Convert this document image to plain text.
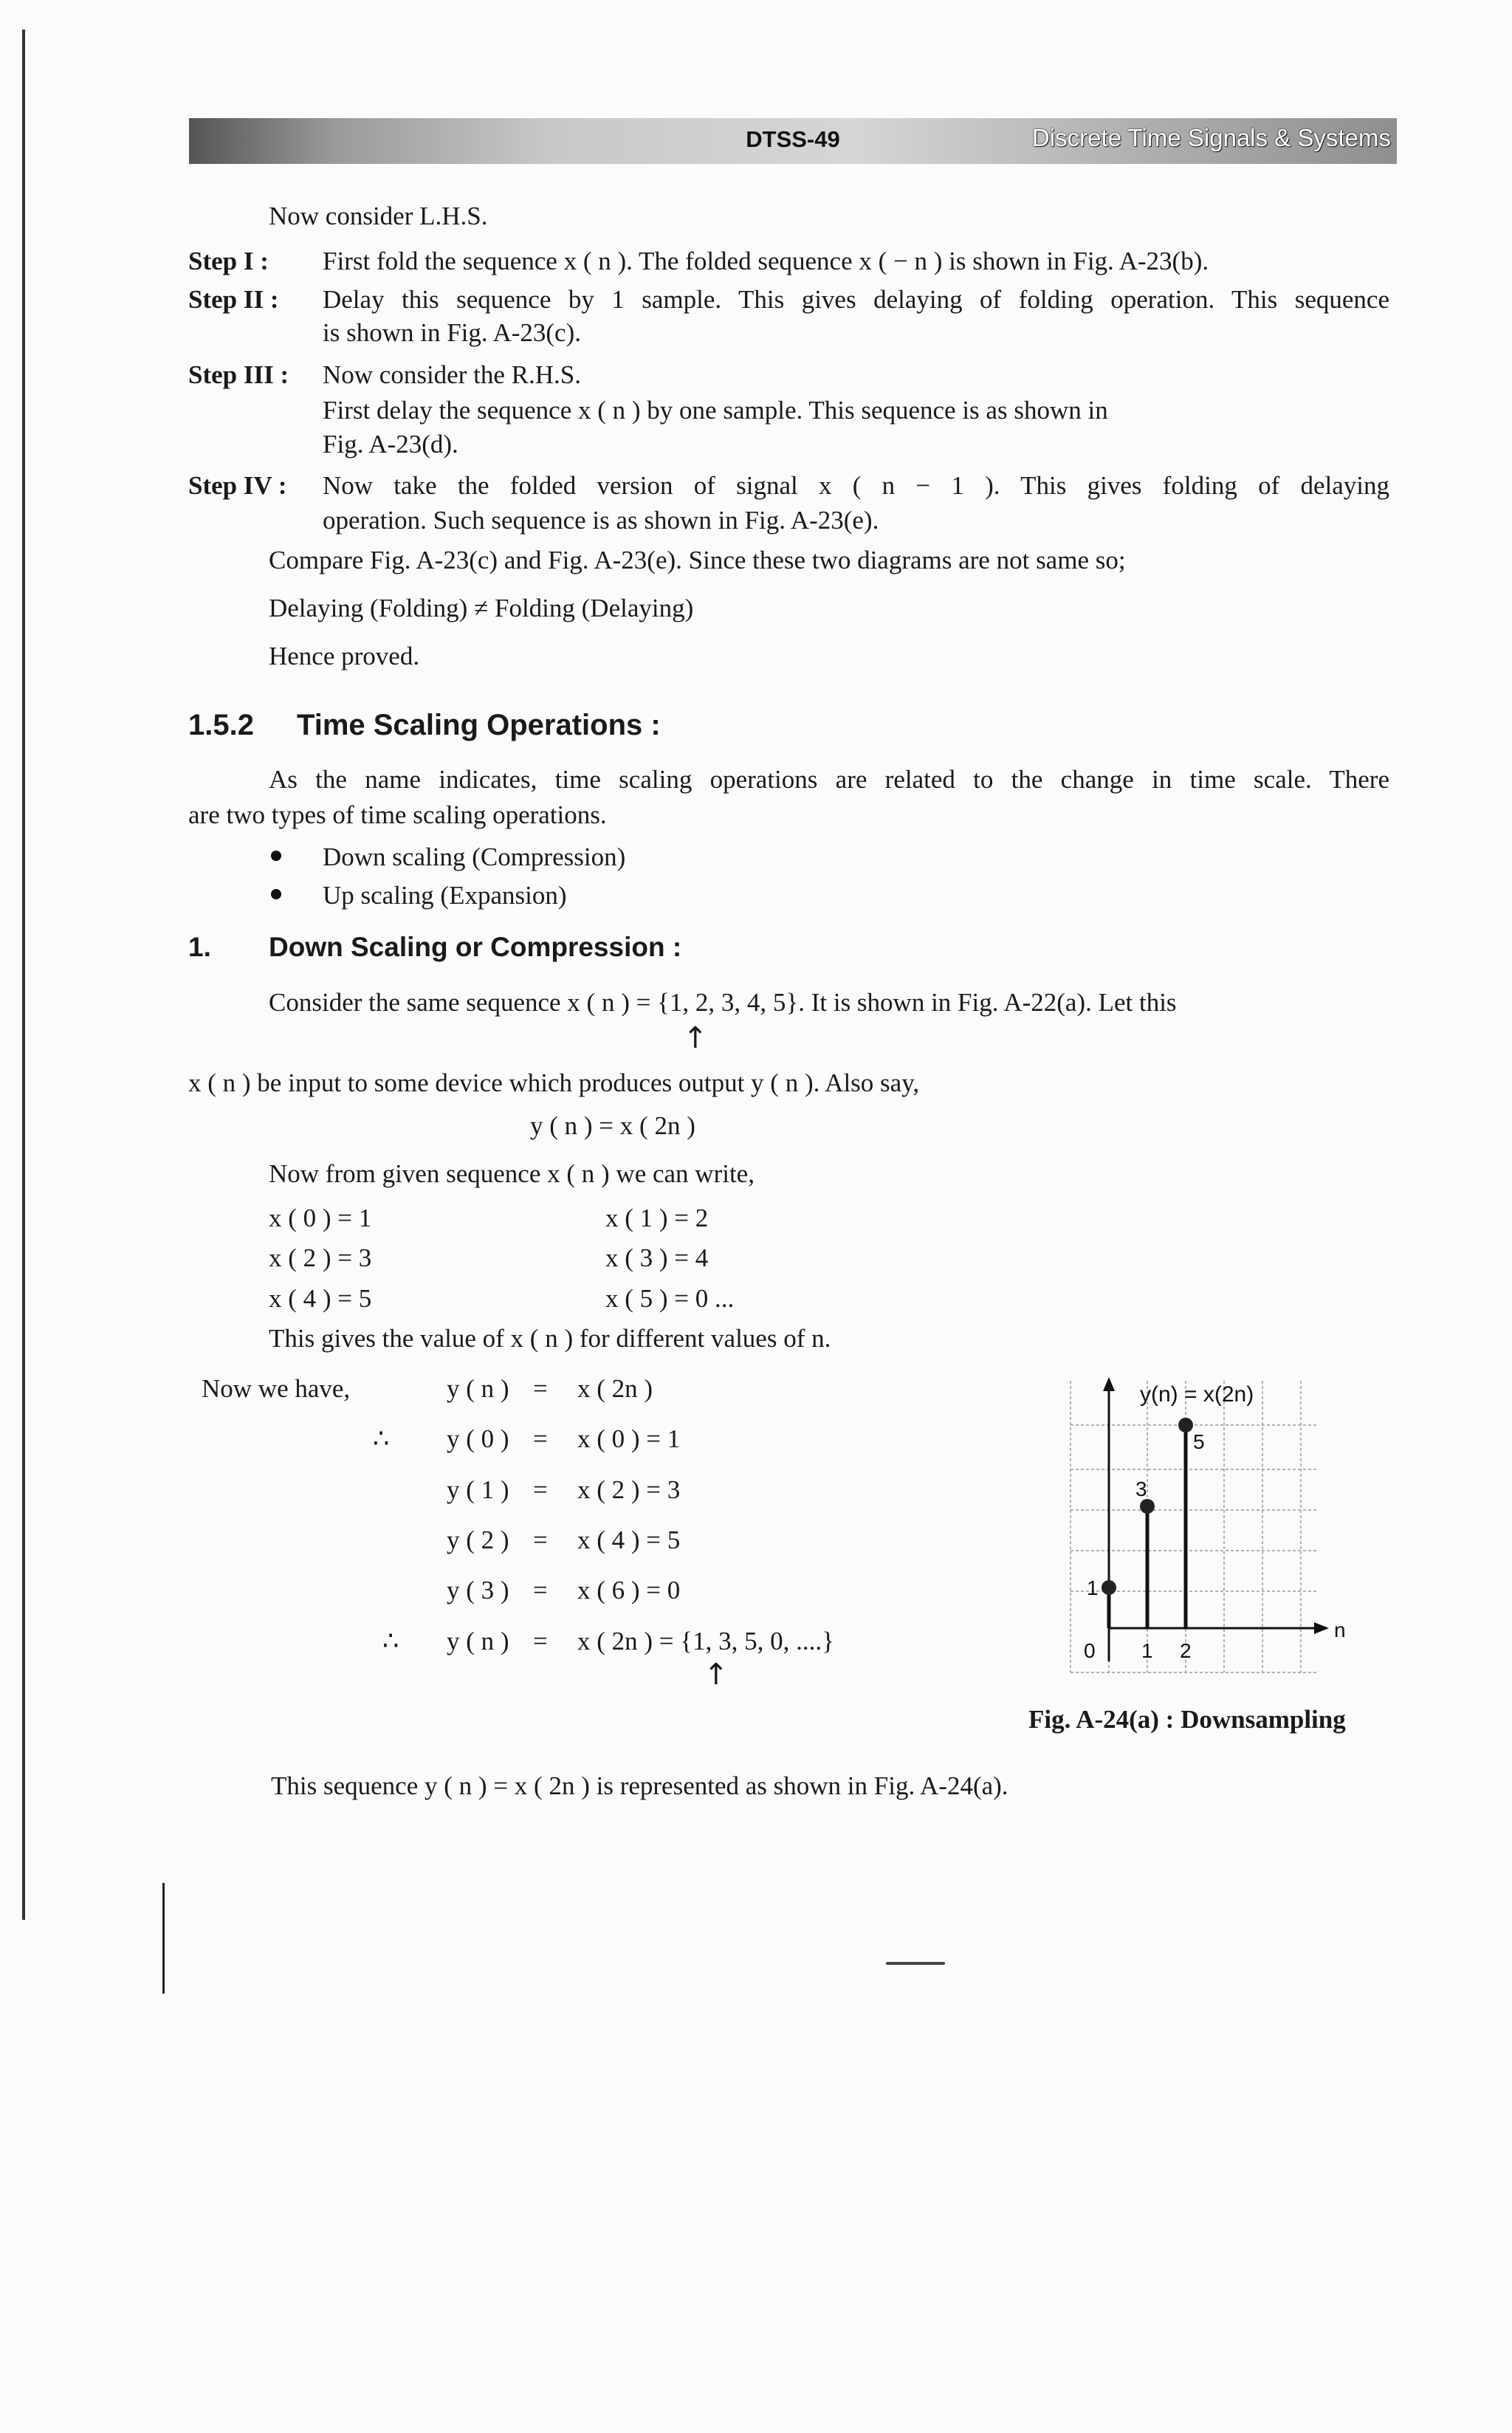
DTSS-49	Discrete Time Signals & Systems
Now consider L.H.S.
Step I : First fold the sequence x ( n ). The folded sequence x ( − n ) is shown in Fig. A-23(b).
Step II : Delay this sequence by 1 sample. This gives delaying of folding operation. This sequence
is shown in Fig. A-23(c).
Step III : Now consider the R.H.S.
First delay the sequence x ( n ) by one sample. This sequence is as shown in
Fig. A-23(d).
Step IV : Now take the folded version of signal x ( n − 1 ). This gives folding of delaying
operation. Such sequence is as shown in Fig. A-23(e).
Compare Fig. A-23(c) and Fig. A-23(e). Since these two diagrams are not same so;
Delaying (Folding) ≠ Folding (Delaying)
Hence proved.
1.5.2 Time Scaling Operations :
As the name indicates, time scaling operations are related to the change in time scale. There
are two types of time scaling operations.
Down scaling (Compression)
Up scaling (Expansion)
1. Down Scaling or Compression :
Consider the same sequence x ( n ) = {1, 2, 3, 4, 5}. It is shown in Fig. A-22(a). Let this
↑
x ( n ) be input to some device which produces output y ( n ). Also say,
y ( n ) = x ( 2n )
Now from given sequence x ( n ) we can write,
x ( 0 ) = 1	x ( 1 ) = 2
x ( 2 ) = 3	x ( 3 ) = 4
x ( 4 ) = 5	x ( 5 ) = 0 ...
This gives the value of x ( n ) for different values of n.
Now we have,	y ( n ) = x ( 2n )
∴ y ( 0 ) = x ( 0 ) = 1
y ( 1 ) = x ( 2 ) = 3
y ( 2 ) = x ( 4 ) = 5
y ( 3 ) = x ( 6 ) = 0
∴ y ( n ) = x ( 2n ) = {1, 3, 5, 0, ....}
↑
n
y(n) = x(2n)
0 1 2
1
3
5
Fig. A-24(a) : Downsampling
This sequence y ( n ) = x ( 2n ) is represented as shown in Fig. A-24(a).
